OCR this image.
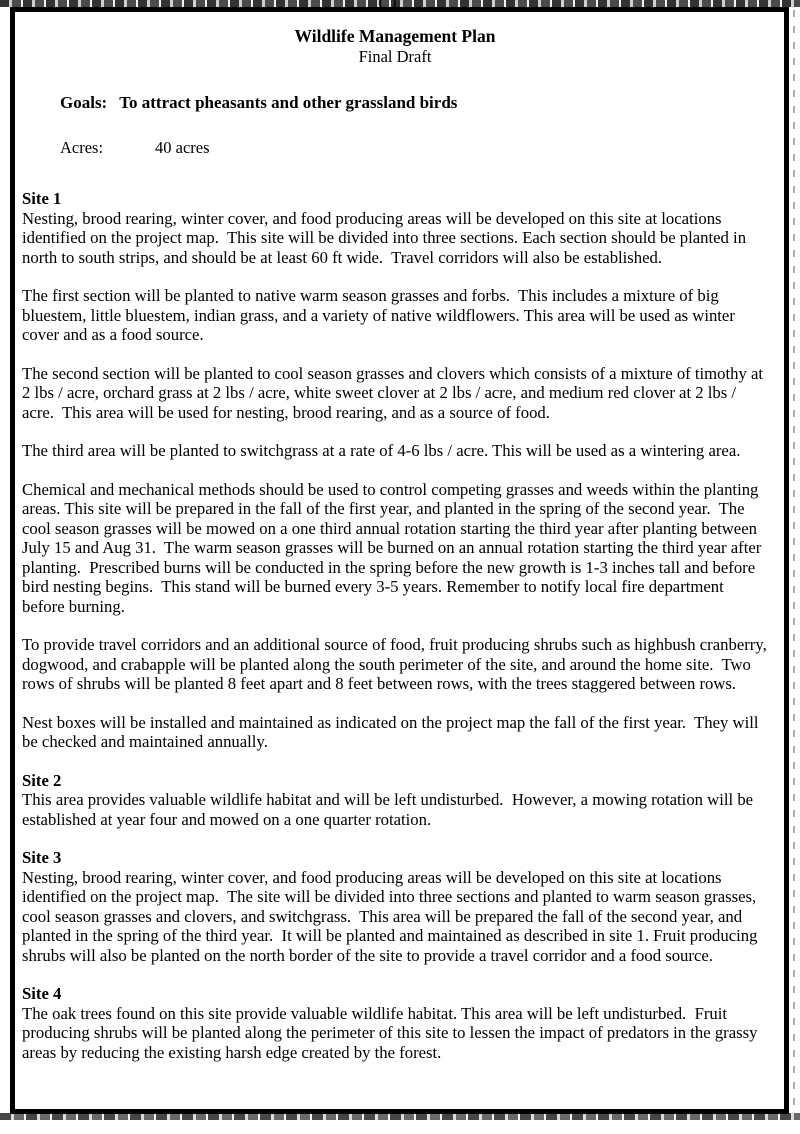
Wildlife Management Plan
Final Draft
Goals: To attract pheasants and other grassland birds
Acres:	40 acres
Site 1

Nesting, brood rearing, winter cover, and food producing areas will be developed on this site at locations identified on the project map.  This site will be divided into three sections. Each section should be planted in north to south strips, and should be at least 60 ft wide.  Travel corridors will also be established.

The first section will be planted to native warm season grasses and forbs.  This includes a mixture of big bluestem, little bluestem, indian grass, and a variety of native wildflowers. This area will be used as winter cover and as a food source.

The second section will be planted to cool season grasses and clovers which consists of a mixture of timothy at 2 lbs / acre, orchard grass at 2 lbs / acre, white sweet clover at 2 lbs / acre, and medium red clover at 2 lbs / acre.  This area will be used for nesting, brood rearing, and as a source of food.

The third area will be planted to switchgrass at a rate of 4-6 lbs / acre. This will be used as a wintering area.

Chemical and mechanical methods should be used to control competing grasses and weeds within the planting areas. This site will be prepared in the fall of the first year, and planted in the spring of the second year.  The cool season grasses will be mowed on a one third annual rotation starting the third year after planting between July 15 and Aug 31.  The warm season grasses will be burned on an annual rotation starting the third year after planting.  Prescribed burns will be conducted in the spring before the new growth is 1-3 inches tall and before bird nesting begins.  This stand will be burned every 3-5 years. Remember to notify local fire department before burning.

To provide travel corridors and an additional source of food, fruit producing shrubs such as highbush cranberry, dogwood, and crabapple will be planted along the south perimeter of the site, and around the home site.  Two rows of shrubs will be planted 8 feet apart and 8 feet between rows, with the trees staggered between rows.

Nest boxes will be installed and maintained as indicated on the project map the fall of the first year.  They will be checked and maintained annually.

Site 2

This area provides valuable wildlife habitat and will be left undisturbed.  However, a mowing rotation will be established at year four and mowed on a one quarter rotation.

Site 3

Nesting, brood rearing, winter cover, and food producing areas will be developed on this site at locations identified on the project map.  The site will be divided into three sections and planted to warm season grasses, cool season grasses and clovers, and switchgrass.  This area will be prepared the fall of the second year, and planted in the spring of the third year.  It will be planted and maintained as described in site 1. Fruit producing shrubs will also be planted on the north border of the site to provide a travel corridor and a food source.

Site 4

The oak trees found on this site provide valuable wildlife habitat. This area will be left undisturbed.  Fruit producing shrubs will be planted along the perimeter of this site to lessen the impact of predators in the grassy areas by reducing the existing harsh edge created by the forest.
